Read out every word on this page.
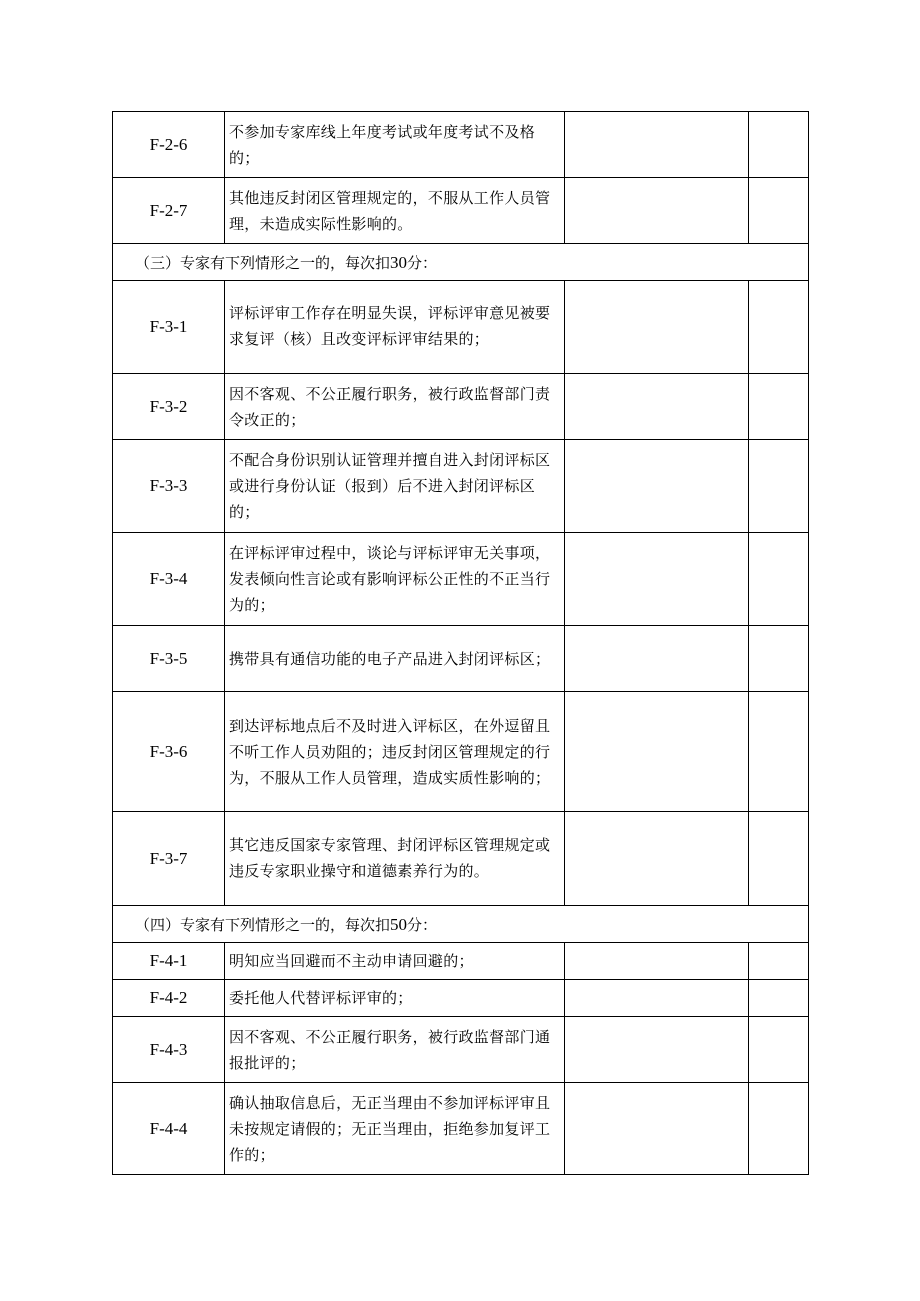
F-2-6	不参加专家库线上年度考试或年度考试不及格的；		
F-2-7	其他违反封闭区管理规定的，不服从工作人员管理，未造成实际性影响的。		
（三）专家有下列情形之一的，每次扣30分：			
F-3-1	评标评审工作存在明显失误，评标评审意见被要求复评（核）且改变评标评审结果的；		
F-3-2	因不客观、不公正履行职务，被行政监督部门责令改正的；		
F-3-3	不配合身份识别认证管理并擅自进入封闭评标区或进行身份认证（报到）后不进入封闭评标区的；		
F-3-4	在评标评审过程中，谈论与评标评审无关事项，发表倾向性言论或有影响评标公正性的不正当行为的；		
F-3-5	携带具有通信功能的电子产品进入封闭评标区；		
F-3-6	到达评标地点后不及时进入评标区，在外逗留且不听工作人员劝阻的；违反封闭区管理规定的行为，不服从工作人员管理，造成实质性影响的；		
F-3-7	其它违反国家专家管理、封闭评标区管理规定或违反专家职业操守和道德素养行为的。		
（四）专家有下列情形之一的，每次扣50分：			
F-4-1	明知应当回避而不主动申请回避的；		
F-4-2	委托他人代替评标评审的；		
F-4-3	因不客观、不公正履行职务，被行政监督部门通报批评的；		
F-4-4	确认抽取信息后，无正当理由不参加评标评审且未按规定请假的；无正当理由，拒绝参加复评工作的；		
